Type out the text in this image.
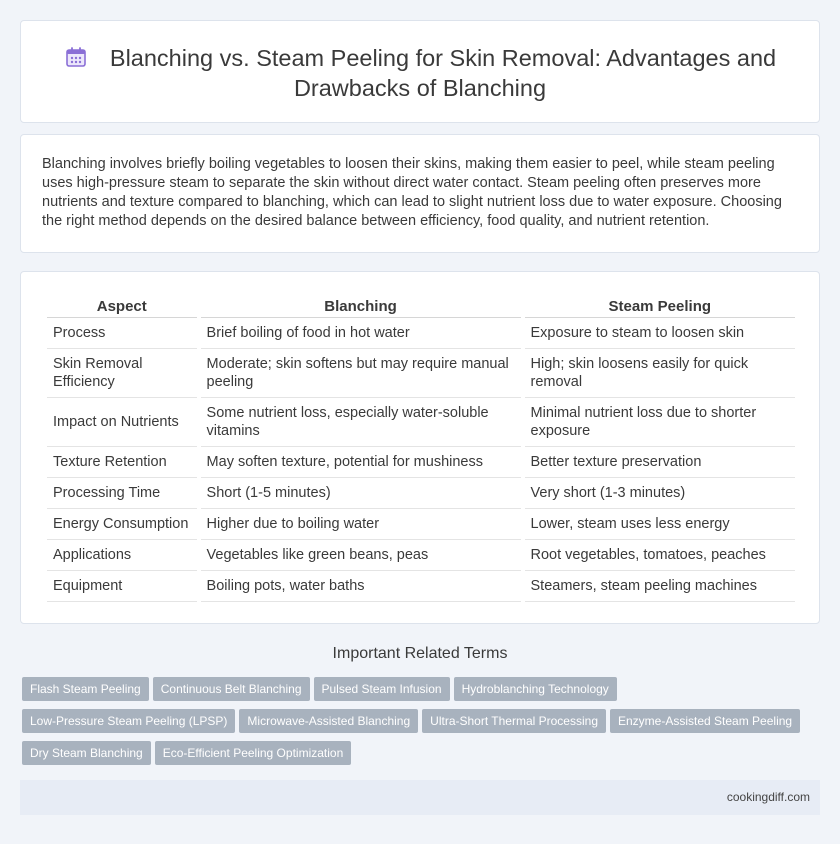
Blanching vs. Steam Peeling for Skin Removal: Advantages and Drawbacks of Blanching

Blanching involves briefly boiling vegetables to loosen their skins, making them easier to peel, while steam peeling uses high-pressure steam to separate the skin without direct water contact. Steam peeling often preserves more nutrients and texture compared to blanching, which can lead to slight nutrient loss due to water exposure. Choosing the right method depends on the desired balance between efficiency, food quality, and nutrient retention.

Aspect	Blanching	Steam Peeling
Process	Brief boiling of food in hot water	Exposure to steam to loosen skin
Skin Removal Efficiency	Moderate; skin softens but may require manual peeling	High; skin loosens easily for quick removal
Impact on Nutrients	Some nutrient loss, especially water-soluble vitamins	Minimal nutrient loss due to shorter exposure
Texture Retention	May soften texture, potential for mushiness	Better texture preservation
Processing Time	Short (1-5 minutes)	Very short (1-3 minutes)
Energy Consumption	Higher due to boiling water	Lower, steam uses less energy
Applications	Vegetables like green beans, peas	Root vegetables, tomatoes, peaches
Equipment	Boiling pots, water baths	Steamers, steam peeling machines
Important Related Terms
Flash Steam Peeling Continuous Belt Blanching Pulsed Steam Infusion Hydroblanching TechnologyLow-Pressure Steam Peeling (LPSP) Microwave-Assisted Blanching Ultra-Short Thermal Processing Enzyme-Assisted Steam PeelingDry Steam Blanching Eco-Efficient Peeling Optimization
cookingdiff.com
